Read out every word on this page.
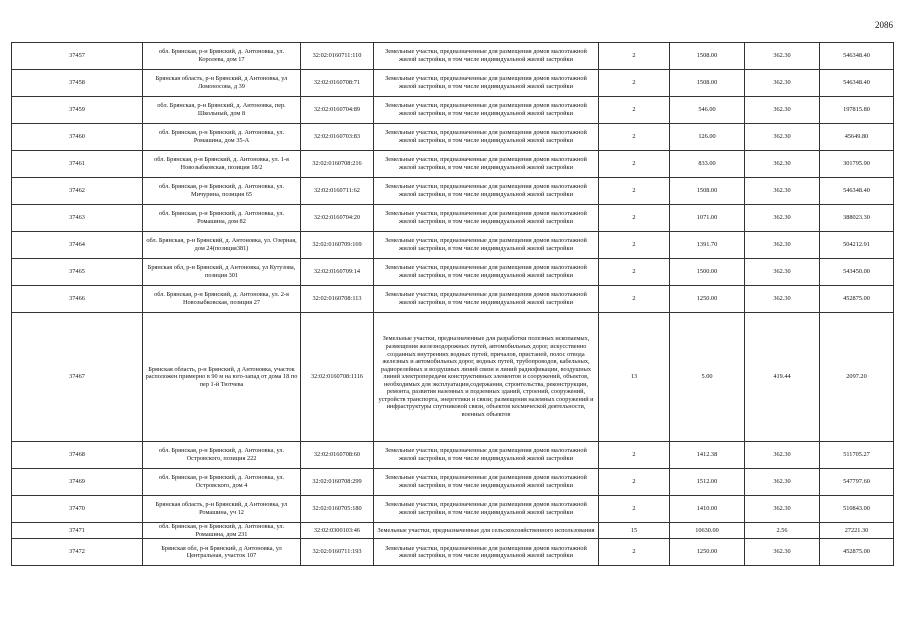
2086
37457	обл. Брянская, р-н Брянский, д. Антоновка, ул. Королева, дом 17	32:02:0160711:110	Земельные участки, предназначенные для размещения домов малоэтажной жилой застройки, в том числе индивидуальной жилой застройки	2	1508.00	362.30	546348.40
37458	Брянская область, р-н Брянский, д Антоновка, ул Ломоносова, д 39	32:02:0160708:71	Земельные участки, предназначенные для размещения домов малоэтажной жилой застройки, в том числе индивидуальной жилой застройки	2	1508.00	362.30	546348.40
37459	обл. Брянская, р-н Брянский, д. Антоновка, пер. Школьный, дом 8	32:02:0160704:89	Земельные участки, предназначенные для размещения домов малоэтажной жилой застройки, в том числе индивидуальной жилой застройки	2	546.00	362.30	197815.80
37460	обл. Брянская, р-н Брянский, д. Антоновка, ул. Ромашина, дом 35-А	32:02:0160703:83	Земельные участки, предназначенные для размещения домов малоэтажной жилой застройки, в том числе индивидуальной жилой застройки	2	126.00	362.30	45649.80
37461	обл. Брянская, р-н Брянский, д. Антоновка, ул. 1-я Новозыбковская, позиция 18/2	32:02:0160708:216	Земельные участки, предназначенные для размещения домов малоэтажной жилой застройки, в том числе индивидуальной жилой застройки	2	833.00	362.30	301795.90
37462	обл. Брянская, р-н Брянский, д. Антоновка, ул. Мичурина, позиция 65	32:02:0160711:62	Земельные участки, предназначенные для размещения домов малоэтажной жилой застройки, в том числе индивидуальной жилой застройки	2	1508.00	362.30	546348.40
37463	обл. Брянская, р-н Брянский, д. Антоновка, ул. Ромашина, дом 82	32:02:0160704:20	Земельные участки, предназначенные для размещения домов малоэтажной жилой застройки, в том числе индивидуальной жилой застройки	2	1071.00	362.30	388023.30
37464	обл. Брянская, р-н Брянский, д. Антоновка, ул. Озерная, дом 24(позиция381)	32:02:0160709:169	Земельные участки, предназначенные для размещения домов малоэтажной жилой застройки, в том числе индивидуальной жилой застройки	2	1391.70	362.30	504212.91
37465	Брянская обл, р-н Брянский, д Антоновка, ул Кутузова, позиция 301	32:02:0160709:14	Земельные участки, предназначенные для размещения домов малоэтажной жилой застройки, в том числе индивидуальной жилой застройки	2	1500.00	362.30	543450.00
37466	обл. Брянская, р-н Брянский, д. Антоновка, ул. 2-я Новозыбковская, позиция 27	32:02:0160708:113	Земельные участки, предназначенные для размещения домов малоэтажной жилой застройки, в том числе индивидуальной жилой застройки	2	1250.00	362.30	452875.00
37467	Брянская область, р-н Брянский, д Антоновка, участок расположен примерно в 90 м на юго-запад от дома 18 по пер 1-й Тютчева	32:02:0160708:1116	Земельные участки, предназначенные для разработки полезных ископаемых, размещения железнодорожных путей, автомобильных дорог, искусственно созданных внутренних водных путей, причалов, пристаней, полос отвода железных и автомобильных дорог, водных путей, трубопроводов, кабельных, радиорелейных и воздушных линий связи и линий радиофикации, воздушных линий электропередачи конструктивных элементов и сооружений, объектов, необходимых для эксплуатации,содержания, строительства, реконструкции, ремонта, развития наземных и подземных зданий, строений, сооружений, устройств транспорта, энергетики и связи; размещения наземных сооружений и инфраструктуры спутниковой связи, объектов космической деятельности, военных объектов	13	5.00	419.44	2097.20
37468	обл. Брянская, р-н Брянский, д. Антоновка, ул. Островского, позиция 222	32:02:0160708:60	Земельные участки, предназначенные для размещения домов малоэтажной жилой застройки, в том числе индивидуальной жилой застройки	2	1412.38	362.30	511705.27
37469	обл. Брянская, р-н Брянский, д. Антоновка, ул. Островского, дом 4	32:02:0160708:299	Земельные участки, предназначенные для размещения домов малоэтажной жилой застройки, в том числе индивидуальной жилой застройки	2	1512.00	362.30	547797.60
37470	Брянская область, р-н Брянский, д Антоновка, ул Ромашина, уч 12	32:02:0160705:180	Земельные участки, предназначенные для размещения домов малоэтажной жилой застройки, в том числе индивидуальной жилой застройки	2	1410.00	362.30	510843.00
37471	обл. Брянская, р-н Брянский, д. Антоновка, ул. Ромашина, дом 231	32:02:0300103:46	Земельные участки, предназначенные для сельскохозяйственного использования	15	10630.00	2.56	27221.30
37472	Брянская обл, р-н Брянский, д Антоновка, ул Центральная, участок 107	32:02:0160711:193	Земельные участки, предназначенные для размещения домов малоэтажной жилой застройки, в том числе индивидуальной жилой застройки	2	1250.00	362.30	452875.00
